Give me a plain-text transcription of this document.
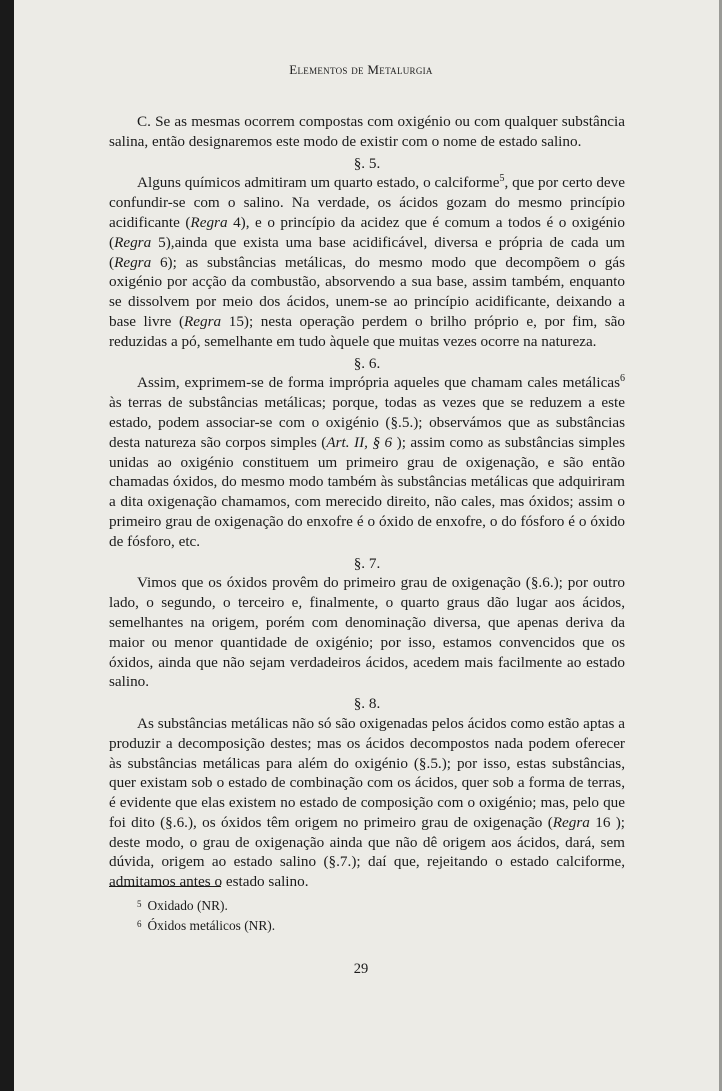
Elementos de Metalurgia

C. Se as mesmas ocorrem compostas com oxigénio ou com qualquer substância salina, então designaremos este modo de existir com o nome de estado salino.

§. 5.

Alguns químicos admitiram um quarto estado, o calciforme$^5$, que por certo deve confundir-se com o salino. Na verdade, os ácidos gozam do mesmo princípio acidificante (Regra 4), e o princípio da acidez que é comum a todos é o oxigénio (Regra 5),ainda que exista uma base acidificável, diversa e própria de cada um (Regra 6); as substâncias metálicas, do mesmo modo que decompõem o gás oxigénio por acção da combustão, absorvendo a sua base, assim também, enquanto se dissolvem por meio dos ácidos, unem-se ao princípio acidificante, deixando a base livre (Regra 15); nesta operação perdem o brilho próprio e, por fim, são reduzidas a pó, semelhante em tudo àquele que muitas vezes ocorre na natureza.

§. 6.

Assim, exprimem-se de forma imprópria aqueles que chamam cales metálicas$^6$ às terras de substâncias metálicas; porque, todas as vezes que se reduzem a este estado, podem associar-se com o oxigénio (§.5.); observámos que as substâncias desta natureza são corpos simples (Art. II, § 6 ); assim como as substâncias simples unidas ao oxigénio constituem um primeiro grau de oxigenação, e são então chamadas óxidos, do mesmo modo também às substâncias metálicas que adquiriram a dita oxigenação chamamos, com merecido direito, não cales, mas óxidos; assim o primeiro grau de oxigenação do enxofre é o óxido de enxofre, o do fósforo é o óxido de fósforo, etc.

§. 7.

Vimos que os óxidos provêm do primeiro grau de oxigenação (§.6.); por outro lado, o segundo, o terceiro e, finalmente, o quarto graus dão lugar aos ácidos, semelhantes na origem, porém com denominação diversa, que apenas deriva da maior ou menor quantidade de oxigénio; por isso, estamos convencidos que os óxidos, ainda que não sejam verdadeiros ácidos, acedem mais facilmente ao estado salino.

§. 8.

As substâncias metálicas não só são oxigenadas pelos ácidos como estão aptas a produzir a decomposição destes; mas os ácidos decompostos nada podem oferecer às substâncias metálicas para além do oxigénio (§.5.); por isso, estas substâncias, quer existam sob o estado de combinação com os ácidos, quer sob a forma de terras, é evidente que elas existem no estado de composição com o oxigénio; mas, pelo que foi dito (§.6.), os óxidos têm origem no primeiro grau de oxigenação (Regra 16 ); deste modo, o grau de oxigenação ainda que não dê origem aos ácidos, dará, sem dúvida, origem ao estado salino (§.7.); daí que, rejeitando o estado calciforme, admitamos antes o estado salino.

$^5$ Oxidado (NR).
$^6$ Óxidos metálicos (NR).
29
